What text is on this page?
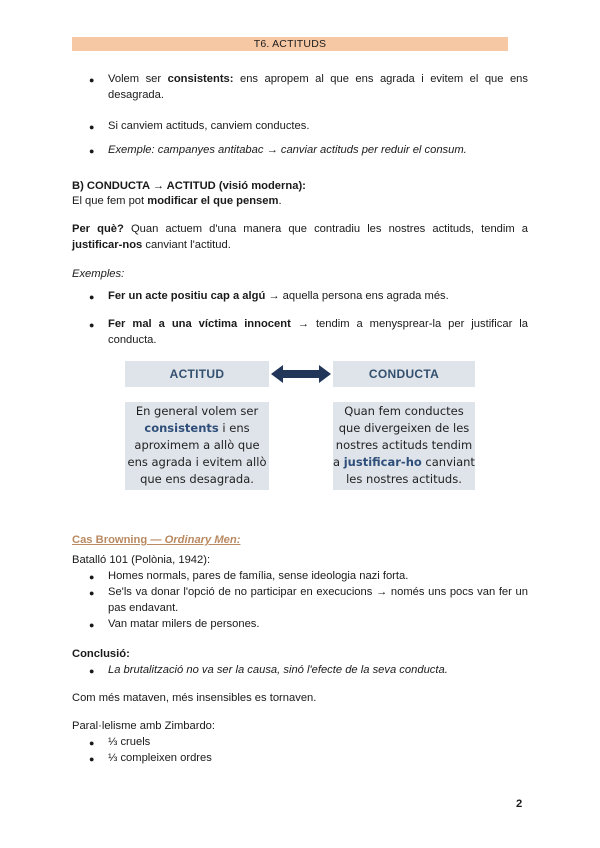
T6. ACTITUDS
● Volem ser consistents: ens apropem al que ens agrada i evitem el que ens desagrada.
● Si canviem actituds, canviem conductes.
● Exemple: campanyes antitabac → canviar actituds per reduir el consum.
B) CONDUCTA → ACTITUD (visió moderna):
El que fem pot modificar el que pensem.
Per què? Quan actuem d'una manera que contradiu les nostres actituds, tendim a justificar-nos canviant l'actitud.
Exemples:
● Fer un acte positiu cap a algú → aquella persona ens agrada més.
● Fer mal a una víctima innocent → tendim a menysprear-la per justificar la conducta.
ACTITUD	CONDUCTA
En general volem ser
consistents i ens
aproximem a allò que
ens agrada i evitem allò
que ens desagrada.
Quan fem conductes
que divergeixen de les
nostres actituds tendim
a justificar-ho canviant
les nostres actituds.
Cas Browning — Ordinary Men:
Batalló 101 (Polònia, 1942):
● Homes normals, pares de família, sense ideologia nazi forta.
● Se'ls va donar l'opció de no participar en execucions → només uns pocs van fer un pas endavant.
● Van matar milers de persones.
Conclusió:
● La brutalització no va ser la causa, sinó l'efecte de la seva conducta.
Com més mataven, més insensibles es tornaven.
Paral·lelisme amb Zimbardo:
● ⅓ cruels
● ⅓ compleixen ordres
2
